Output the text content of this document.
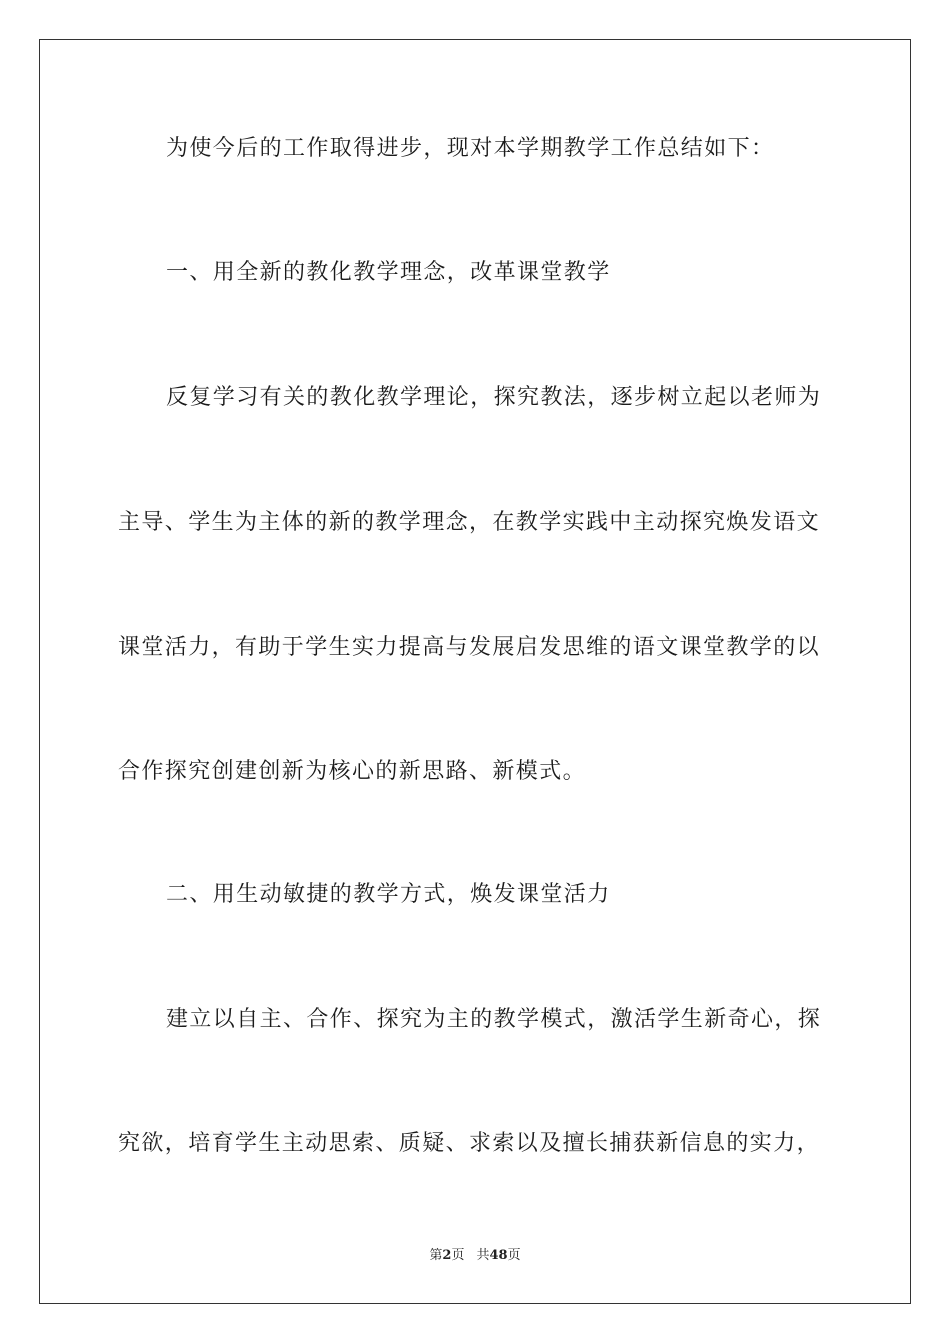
为使今后的工作取得进步，现对本学期教学工作总结如下：
一、用全新的教化教学理念，改革课堂教学
反复学习有关的教化教学理论，探究教法，逐步树立起以老师为
主导、学生为主体的新的教学理念，在教学实践中主动探究焕发语文
课堂活力，有助于学生实力提高与发展启发思维的语文课堂教学的以
合作探究创建创新为核心的新思路、新模式。
二、用生动敏捷的教学方式，焕发课堂活力
建立以自主、合作、探究为主的教学模式，激活学生新奇心，探
究欲，培育学生主动思索、质疑、求索以及擅长捕获新信息的实力，
第2页 共48页
